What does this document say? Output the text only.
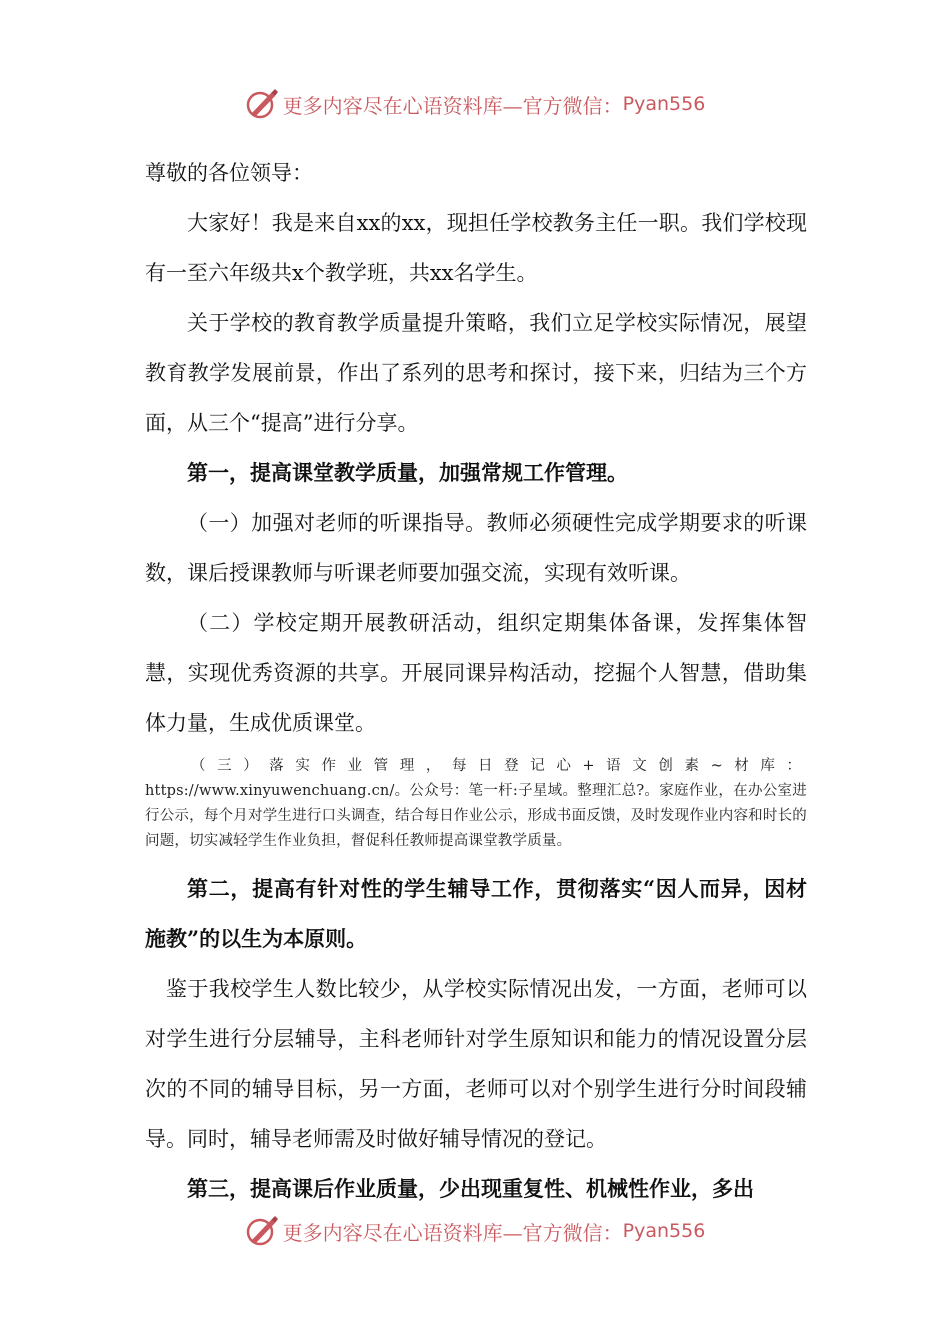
更多内容尽在心语资料库—官方微信： Pyan556

尊敬的各位领导：

大家好！我是来自xx的xx，现担任学校教务主任一职。我们学校现有一至六年级共x个教学班，共xx名学生。

关于学校的教育教学质量提升策略，我们立足学校实际情况，展望教育教学发展前景，作出了系列的思考和探讨，接下来，归结为三个方面，从三个“提高”进行分享。

第一，提高课堂教学质量，加强常规工作管理。

（一）加强对老师的听课指导。教师必须硬性完成学期要求的听课数，课后授课教师与听课老师要加强交流，实现有效听课。

（二）学校定期开展教研活动，组织定期集体备课，发挥集体智慧，实现优秀资源的共享。开展同课异构活动，挖掘个人智慧，借助集体力量，生成优质课堂。

（三）落实作业管理，每日登记心+语文创素~材库：https://www.xinyuwenchuang.cn/。公众号：笔一杆:子星域。整理汇总?。家庭作业，在办公室进行公示，每个月对学生进行口头调查，结合每日作业公示，形成书面反馈，及时发现作业内容和时长的问题，切实减轻学生作业负担，督促科任教师提高课堂教学质量。

第二，提高有针对性的学生辅导工作，贯彻落实“因人而异，因材施教”的以生为本原则。

鉴于我校学生人数比较少，从学校实际情况出发，一方面，老师可以对学生进行分层辅导，主科老师针对学生原知识和能力的情况设置分层次的不同的辅导目标，另一方面，老师可以对个别学生进行分时间段辅导。同时，辅导老师需及时做好辅导情况的登记。

第三，提高课后作业质量，少出现重复性、机械性作业，多出

更多内容尽在心语资料库—官方微信： Pyan556
